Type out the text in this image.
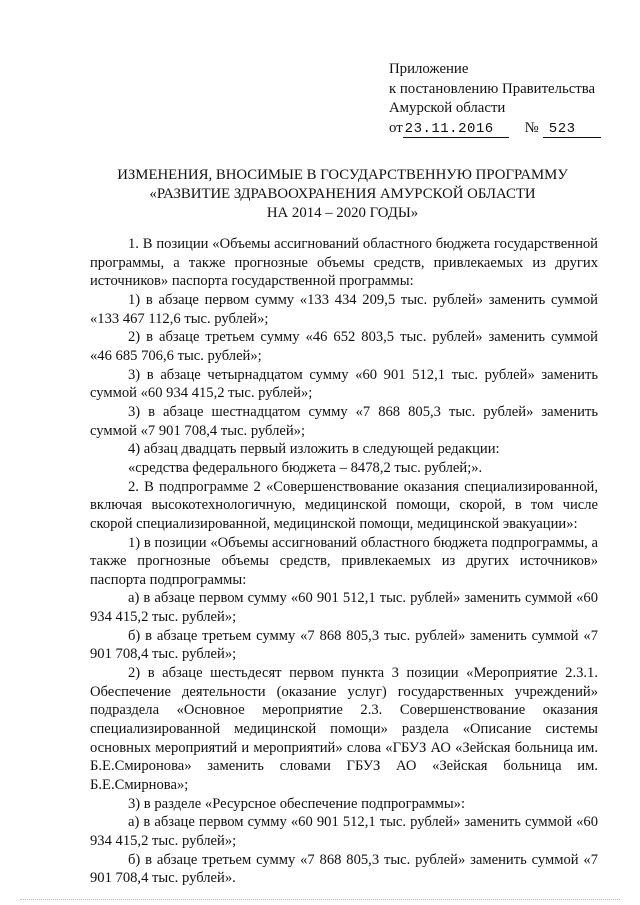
Приложение
к постановлению Правительства
Амурской области
от 23.11.2016 № 523
ИЗМЕНЕНИЯ, ВНОСИМЫЕ В ГОСУДАРСТВЕННУЮ ПРОГРАММУ
«РАЗВИТИЕ ЗДРАВООХРАНЕНИЯ АМУРСКОЙ ОБЛАСТИ
НА 2014 – 2020 ГОДЫ»

1. В позиции «Объемы ассигнований областного бюджета государственной программы, а также прогнозные объемы средств, привлекаемых из других источников» паспорта государственной программы:

1) в абзаце первом сумму «133 434 209,5 тыс. рублей» заменить суммой «133 467 112,6 тыс. рублей»;

2) в абзаце третьем сумму «46 652 803,5 тыс. рублей» заменить суммой «46 685 706,6 тыс. рублей»;

3) в абзаце четырнадцатом сумму «60 901 512,1 тыс. рублей» заменить суммой «60 934 415,2 тыс. рублей»;

3) в абзаце шестнадцатом сумму «7 868 805,3 тыс. рублей» заменить суммой «7 901 708,4 тыс. рублей»;

4) абзац двадцать первый изложить в следующей редакции:

«средства федерального бюджета – 8478,2 тыс. рублей;».

2. В подпрограмме 2 «Совершенствование оказания специализированной, включая высокотехнологичную, медицинской помощи, скорой, в том числе скорой специализированной, медицинской помощи, медицинской эвакуации»:

1) в позиции «Объемы ассигнований областного бюджета подпрограммы, а также прогнозные объемы средств, привлекаемых из других источников» паспорта подпрограммы:

а) в абзаце первом сумму «60 901 512,1 тыс. рублей» заменить суммой «60 934 415,2 тыс. рублей»;

б) в абзаце третьем сумму «7 868 805,3 тыс. рублей» заменить суммой «7 901 708,4 тыс. рублей»;

2) в абзаце шестьдесят первом пункта 3 позиции «Мероприятие 2.3.1. Обеспечение деятельности (оказание услуг) государственных учреждений» подраздела «Основное мероприятие 2.3. Совершенствование оказания специализированной медицинской помощи» раздела «Описание системы основных мероприятий и мероприятий» слова «ГБУЗ АО «Зейская больница им. Б.Е.Смиронова» заменить словами ГБУЗ АО «Зейская больница им. Б.Е.Смирнова»;

3) в разделе «Ресурсное обеспечение подпрограммы»:

а) в абзаце первом сумму «60 901 512,1 тыс. рублей» заменить суммой «60 934 415,2 тыс. рублей»;

б) в абзаце третьем сумму «7 868 805,3 тыс. рублей» заменить суммой «7 901 708,4 тыс. рублей».
